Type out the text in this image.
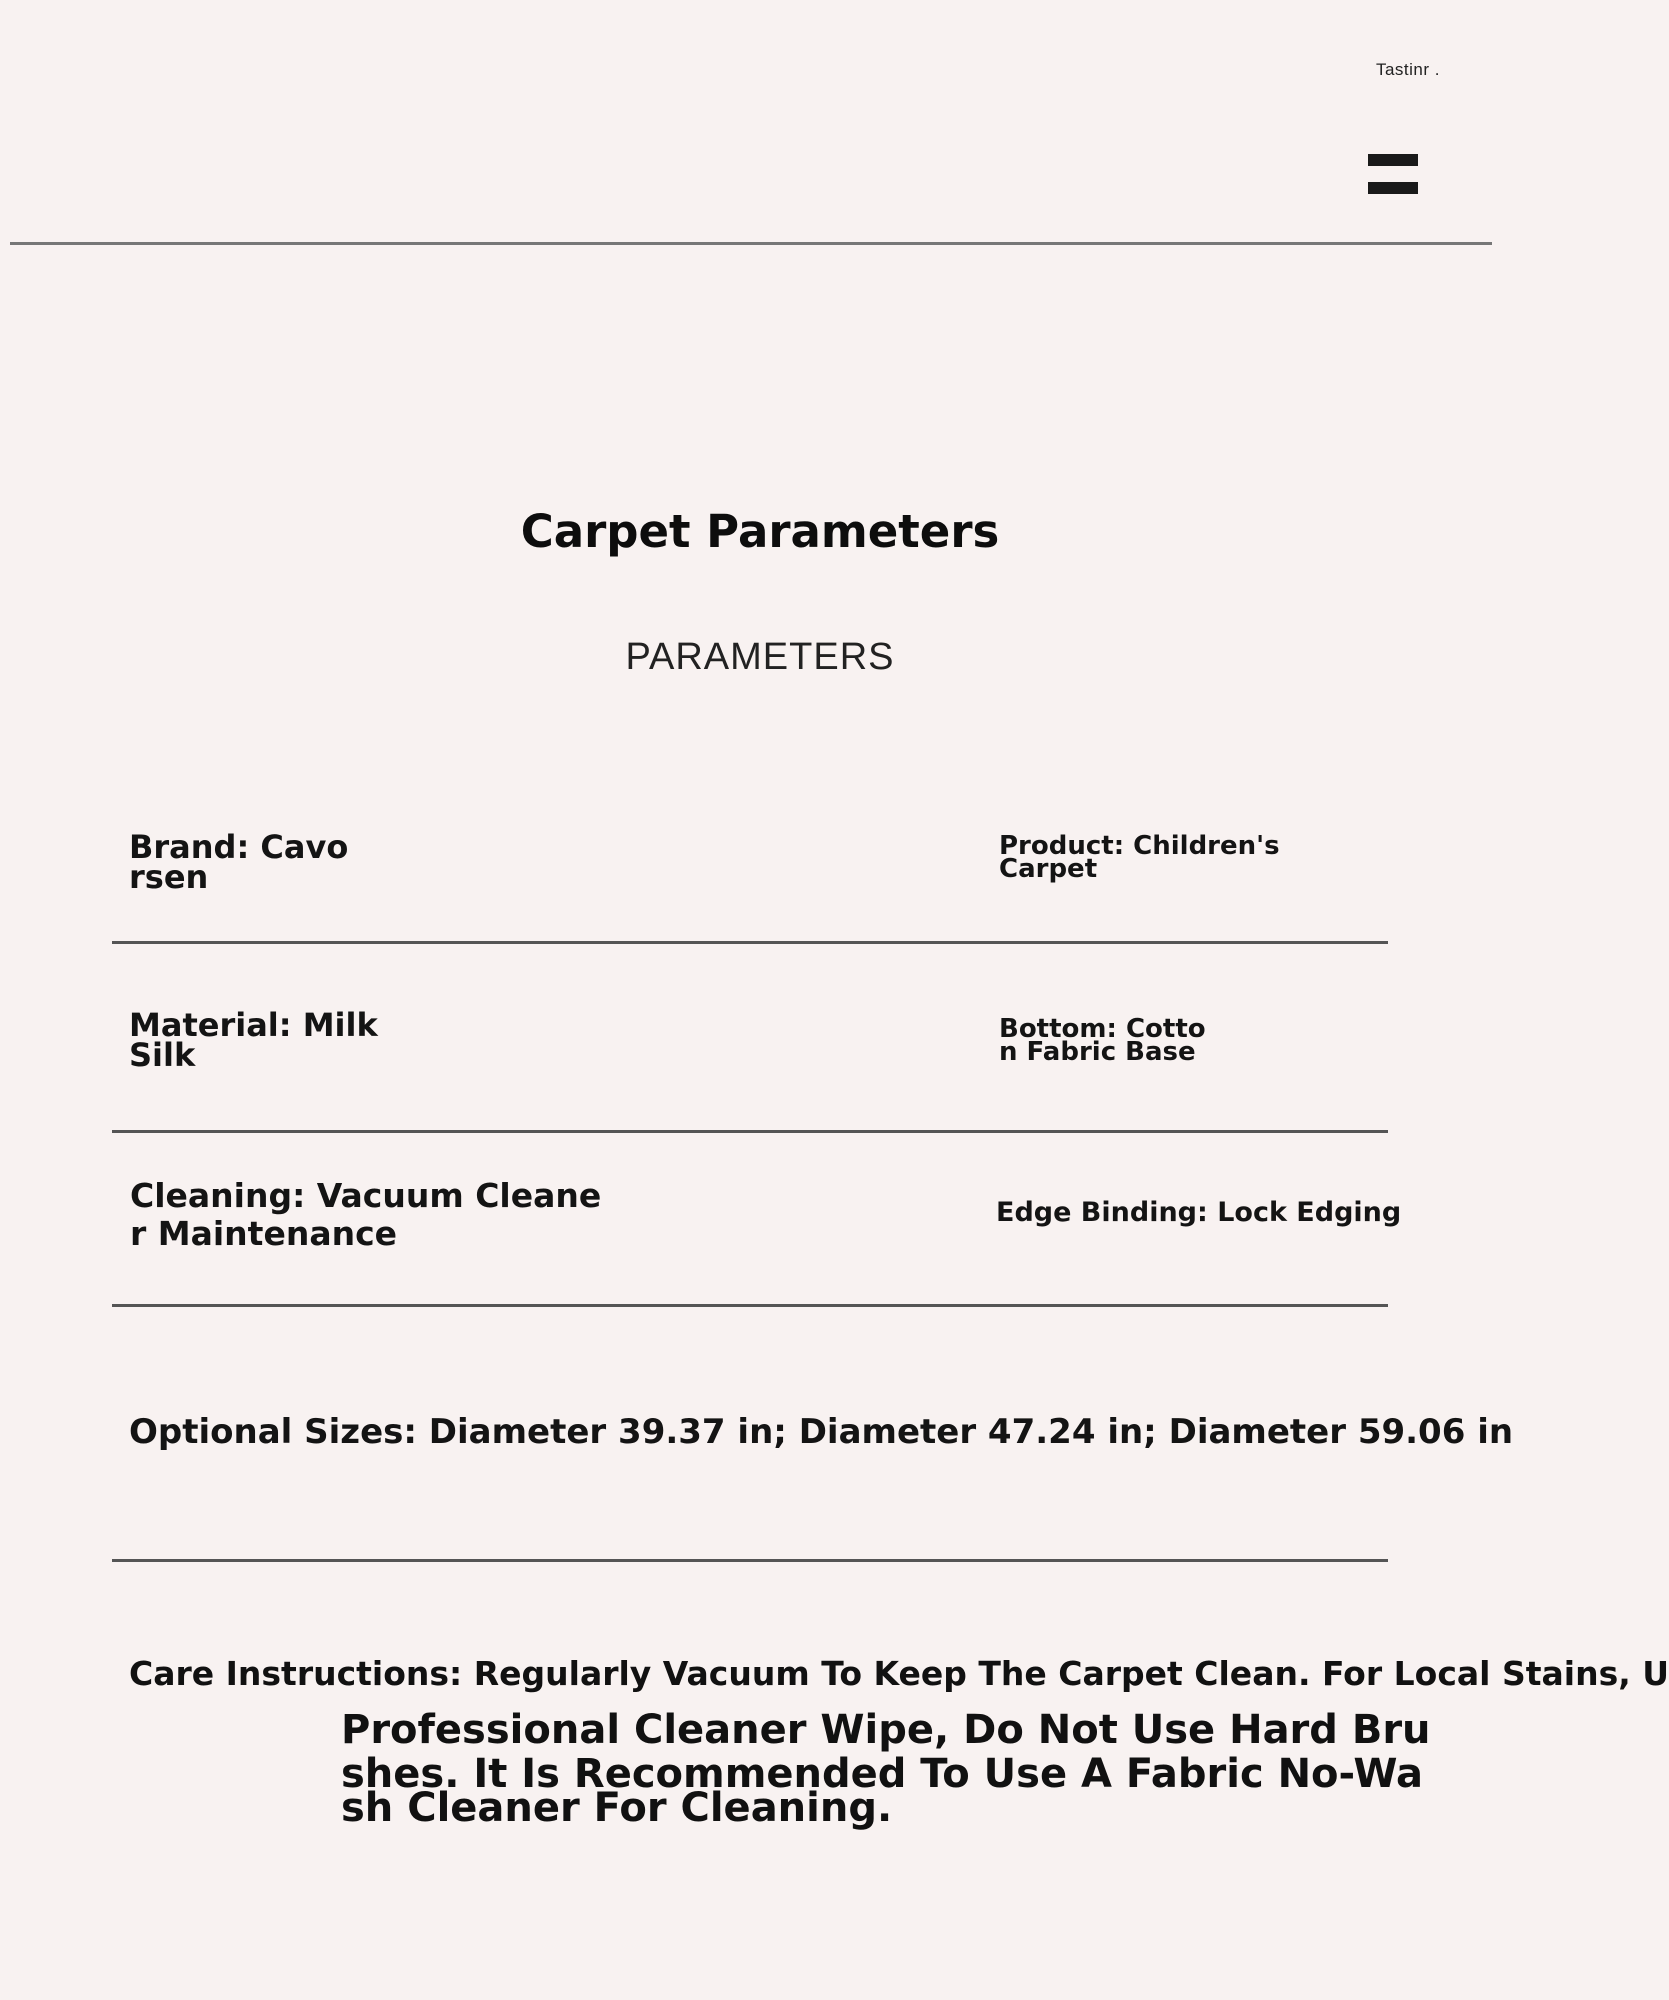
Tastinr .
Carpet Parameters
PARAMETERS
Brand: Cavo
rsen
Product: Children's
Carpet
Material: Milk
Silk
Bottom: Cotto
n Fabric Base
Cleaning: Vacuum Cleane
r Maintenance
Edge Binding: Lock Edging
Optional Sizes: Diameter 39.37 in; Diameter 47.24 in; Diameter 59.06 in
Care Instructions: Regularly Vacuum To Keep The Carpet Clean. For Local Stains, U
Professional Cleaner Wipe, Do Not Use Hard Bru
shes. It Is Recommended To Use A Fabric No-Wa
sh Cleaner For Cleaning.
